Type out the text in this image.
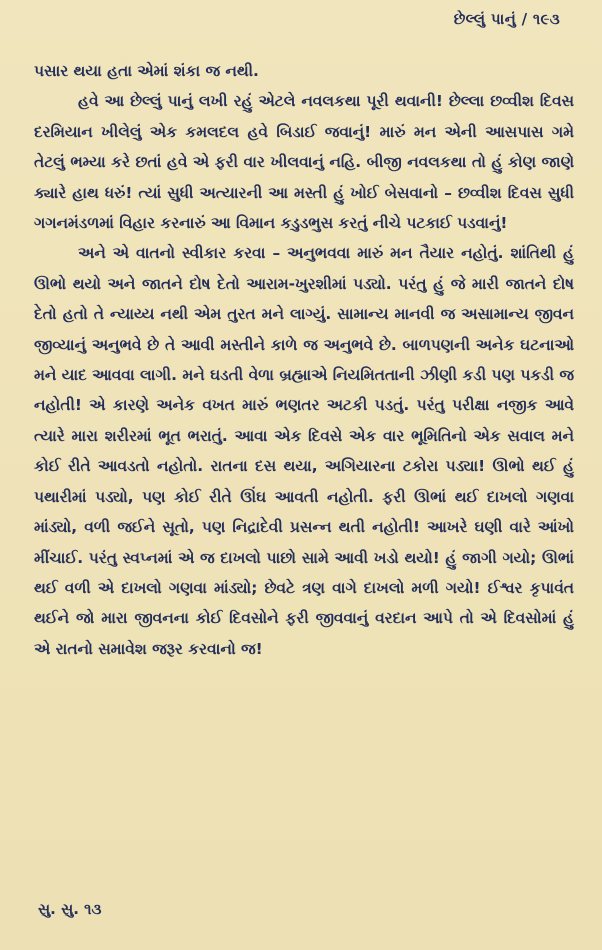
છેલ્લું પાનું / ૧૯૩

પસાર થયા હતા એમાં શંકા જ નથી.

હવે આ છેલ્લું પાનું લખી રહું એટલે નવલકથા પૂરી થવાની! છેલ્લા છવ્વીશ દિવસ દરમિયાન ખીલેલું એક કમલદલ હવે બિડાઈ જવાનું! મારું મન એની આસપાસ ગમે તેટલું ભમ્યા કરે છતાં હવે એ ફરી વાર ખીલવાનું નહિ. બીજી નવલકથા તો હું કોણ જાણે ક્યારે હાથ ધરું! ત્યાં સુધી અત્યારની આ મસ્તી હું ખોઈ બેસવાનો – છવ્વીશ દિવસ સુધી ગગનમંડળમાં વિહાર કરનારું આ વિમાન કડુડભુસ કરતું નીચે પટકાઈ પડવાનું!

અને એ વાતનો સ્વીકાર કરવા – અનુભવવા મારું મન તૈયાર નહોતું. શાંતિથી હું ઊભો થયો અને જાતને દોષ દેતો આરામ-ખુરશીમાં પડ્યો. પરંતુ હું જે મારી જાતને દોષ દેતો હતો તે ન્યાય્ય નથી એમ તુરત મને લાગ્યું. સામાન્ય માનવી જ અસામાન્ય જીવન જીવ્યાનું અનુભવે છે તે આવી મસ્તીને કાળે જ અનુભવે છે. બાળપણની અનેક ઘટનાઓ મને યાદ આવવા લાગી. મને ઘડતી વેળા બ્રહ્માએ નિયમિતતાની ઝીણી કડી પણ પકડી જ નહોતી! એ કારણે અનેક વખત મારું ભણતર અટકી પડતું. પરંતુ પરીક્ષા નજીક આવે ત્યારે મારા શરીરમાં ભૂત ભરાતું. આવા એક દિવસે એક વાર ભૂમિતિનો એક સવાલ મને કોઈ રીતે આવડતો નહોતો. રાતના દસ થયા, અગિયારના ટકોરા પડ્યા! ઊભો થઈ હું પથારીમાં પડ્યો, પણ કોઈ રીતે ઊંઘ આવતી નહોતી. ફરી ઊભાં થઈ દાખલો ગણવા માંડ્યો, વળી જઈને સૂતો, પણ નિદ્રાદેવી પ્રસન્ન થતી નહોતી! આખરે ઘણી વારે આંખો મીંચાઈ. પરંતુ સ્વપ્નમાં એ જ દાખલો પાછો સામે આવી ખડો થયો! હું જાગી ગયો; ઊભાં થઈ વળી એ દાખલો ગણવા માંડ્યો; છેવટે ત્રણ વાગે દાખલો મળી ગયો! ઈશ્વર કૃપાવંત થઈને જો મારા જીવનના કોઈ દિવસોને ફરી જીવવાનું વરદાન આપે તો એ દિવસોમાં હું એ રાતનો સમાવેશ જરૂર કરવાનો જ!

સુ. સુ. ૧૩
